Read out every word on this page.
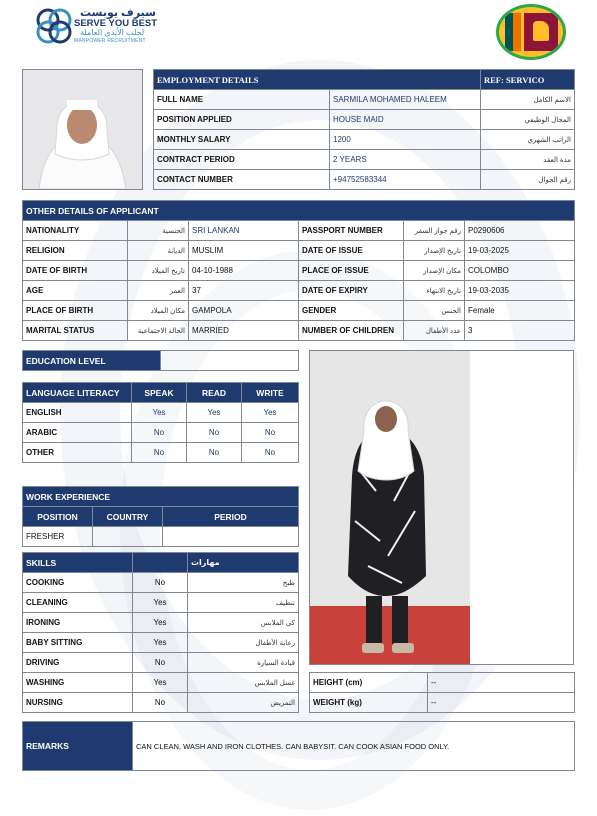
سيرف يوبست
SERVE YOU BEST
لجلب الأيدي العاملة
MANPOWER RECRUITMENT
EMPLOYMENT DETAILS		REF: SERVICO
FULL NAME	SARMILA MOHAMED HALEEM	الاسم الكامل
POSITION APPLIED	HOUSE MAID	المجال الوظيفي
MONTHLY SALARY	1200	الراتب الشهري
CONTRACT PERIOD	2 YEARS	مدة العقد
CONTACT NUMBER	+94752583344	رقم الجوال
OTHER DETAILS OF APPLICANT					
NATIONALITY	الجنسية	SRI LANKAN	PASSPORT NUMBER	رقم جواز السفر	P0290606
RELIGION	الديانة	MUSLIM	DATE OF ISSUE	تاريخ الإصدار	19-03-2025
DATE OF BIRTH	تاريخ الميلاد	04-10-1988	PLACE OF ISSUE	مكان الإصدار	COLOMBO
AGE	العمر	37	DATE OF EXPIRY	تاريخ الانتهاء	19-03-2035
PLACE OF BIRTH	مكان الميلاد	GAMPOLA	GENDER	الجنس	Female
MARITAL STATUS	الحالة الاجتماعية	MARRIED	NUMBER OF CHILDREN	عدد الأطفال	3
EDUCATION LEVEL	
LANGUAGE LITERACY	SPEAK	READ	WRITE
ENGLISH	Yes	Yes	Yes
ARABIC	No	No	No
OTHER	No	No	No
WORK EXPERIENCE		
POSITION	COUNTRY	PERIOD
FRESHER		
SKILLS		مهارات
COOKING	No	طبخ
CLEANING	Yes	تنظيف
IRONING	Yes	كي الملابس
BABY SITTING	Yes	رعاية الأطفال
DRIVING	No	قيادة السيارة
WASHING	Yes	غسل الملابس
NURSING	No	التمريض
HEIGHT (cm)	--
WEIGHT (kg)	--
REMARKS	CAN CLEAN, WASH AND IRON CLOTHES. CAN BABYSIT. CAN COOK ASIAN FOOD ONLY.
